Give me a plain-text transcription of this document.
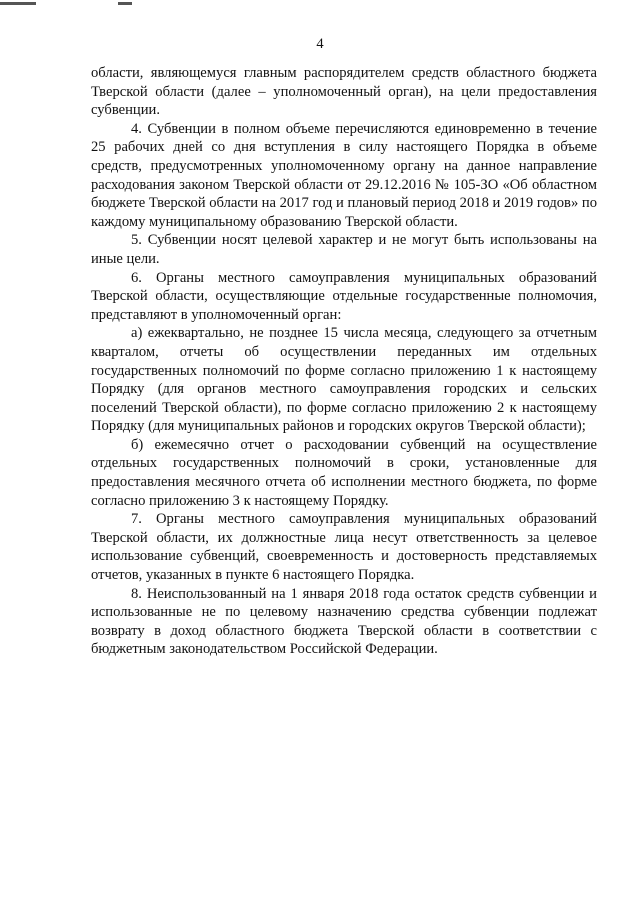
4

области, являющемуся главным распорядителем средств областного бюджета Тверской области (далее – уполномоченный орган), на цели предоставления субвенции.

4. Субвенции в полном объеме перечисляются единовременно в течение 25 рабочих дней со дня вступления в силу настоящего Порядка в объеме средств, предусмотренных уполномоченному органу на данное направление расходования законом Тверской области от 29.12.2016 № 105-ЗО «Об областном бюджете Тверской области на 2017 год и плановый период 2018 и 2019 годов» по каждому муниципальному образованию Тверской области.

5. Субвенции носят целевой характер и не могут быть использованы на иные цели.

6. Органы местного самоуправления муниципальных образований Тверской области, осуществляющие отдельные государственные полномочия, представляют в уполномоченный орган:

а) ежеквартально, не позднее 15 числа месяца, следующего за отчетным кварталом, отчеты об осуществлении переданных им отдельных государственных полномочий по форме согласно приложению 1 к настоящему Порядку (для органов местного самоуправления городских и сельских поселений Тверской области), по форме согласно приложению 2 к настоящему Порядку (для муниципальных районов и городских округов Тверской области);

б) ежемесячно отчет о расходовании субвенций на осуществление отдельных государственных полномочий в сроки, установленные для предоставления месячного отчета об исполнении местного бюджета, по форме согласно приложению 3 к настоящему Порядку.

7. Органы местного самоуправления муниципальных образований Тверской области, их должностные лица несут ответственность за целевое использование субвенций, своевременность и достоверность представляемых отчетов, указанных в пункте 6 настоящего Порядка.

8. Неиспользованный на 1 января 2018 года остаток средств субвенции и использованные не по целевому назначению средства субвенции подлежат возврату в доход областного бюджета Тверской области в соответствии с бюджетным законодательством Российской Федерации.
